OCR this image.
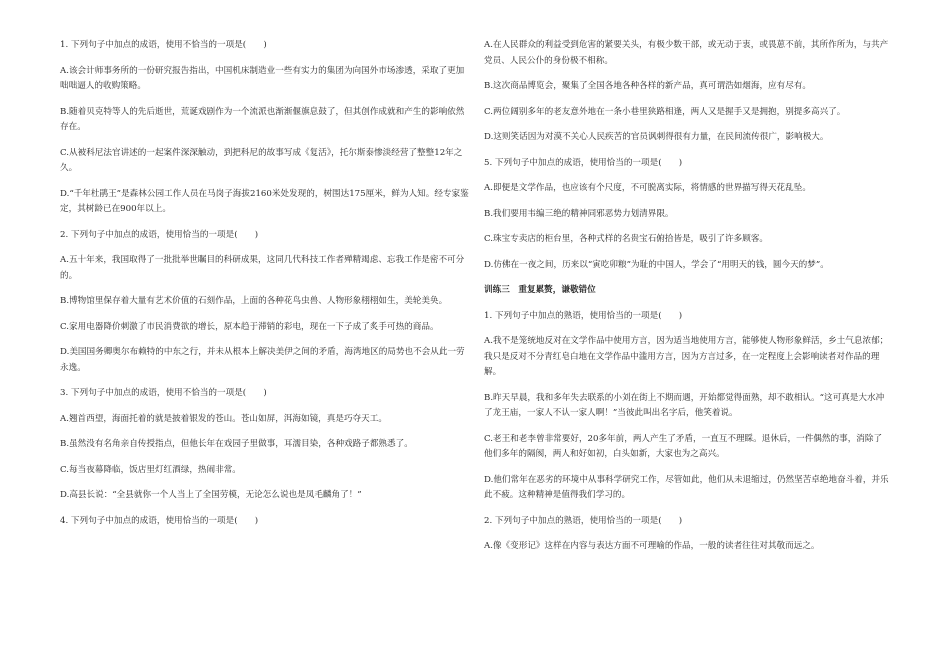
1. 下列句子中加点的成语，使用不恰当的一项是(　　)

A.该会计师事务所的一份研究报告指出，中国机床制造业一些有实力的集团为向国外市场渗透，采取了更加咄咄逼人的收购策略。

B.随着贝克特等人的先后逝世，荒诞戏剧作为一个流派也渐渐偃旗息鼓了，但其创作成就和产生的影响依然存在。

C.从被科尼法官讲述的一起案件深深触动，到把科尼的故事写成《复活》，托尔斯泰惨淡经营了整整12年之久。

D.“千年杜鹃王”是森林公园工作人员在马岗子海拔2160米处发现的，树围达175厘米，鲜为人知。经专家鉴定，其树龄已在900年以上。

2. 下列句子中加点的成语，使用恰当的一项是(　　)

A.五十年来，我国取得了一批批举世瞩目的科研成果，这同几代科技工作者殚精竭虑、忘我工作是密不可分的。

B.博物馆里保存着大量有艺术价值的石刻作品，上面的各种花鸟虫兽、人物形象栩栩如生，美轮美奂。

C.家用电器降价刺激了市民消费欲的增长，原本趋于滞销的彩电，现在一下子成了炙手可热的商品。

D.美国国务卿奥尔布赖特的中东之行，并未从根本上解决美伊之间的矛盾，海湾地区的局势也不会从此一劳永逸。

3. 下列句子中加点的成语，使用不恰当的一项是(　　)

A.翘首西望，海面托着的就是披着银发的苍山。苍山如屏，洱海如镜，真是巧夺天工。

B.虽然没有名角亲自传授指点，但他长年在戏园子里做事，耳濡目染，各种戏路子都熟悉了。

C.每当夜幕降临，饭店里灯红酒绿，热闹非常。

D.高县长说：“全县就你一个人当上了全国劳模，无论怎么说也是凤毛麟角了！”

4. 下列句子中加点的成语，使用恰当的一项是(　　)

A.在人民群众的利益受到危害的紧要关头，有极少数干部，或无动于衷，或畏葸不前，其所作所为，与共产党员、人民公仆的身份极不相称。

B.这次商品博览会，聚集了全国各地各种各样的新产品，真可谓浩如烟海，应有尽有。

C.两位阔别多年的老友意外地在一条小巷里狭路相逢，两人又是握手又是拥抱，别提多高兴了。

D.这则笑话因为对漠不关心人民疾苦的官员讽刺得很有力量，在民间流传很广，影响极大。

5. 下列句子中加点的成语，使用恰当的一项是(　　)

A.即便是文学作品，也应该有个尺度，不可脱离实际，将情感的世界描写得天花乱坠。

B.我们要用韦编三绝的精神同邪恶势力划清界限。

C.珠宝专卖店的柜台里，各种式样的名贵宝石俯拾皆是，吸引了许多顾客。

D.仿佛在一夜之间，历来以“寅吃卯粮”为耻的中国人，学会了“用明天的钱，圆今天的梦”。

训练三　重复累赘，谦敬错位

1. 下列句子中加点的熟语，使用恰当的一项是(　　)

A.我不是笼统地反对在文学作品中使用方言，因为适当地使用方言，能够使人物形象鲜活，乡土气息浓郁；我只是反对不分青红皂白地在文学作品中滥用方言，因为方言过多，在一定程度上会影响读者对作品的理解。

B.昨天早晨，我和多年失去联系的小刘在街上不期而遇，开始都觉得面熟，却不敢相认。“这可真是大水冲了龙王庙，一家人不认一家人啊！”当彼此叫出名字后，他笑着说。

C.老王和老李曾非常要好，20多年前，两人产生了矛盾，一直互不理睬。退休后，一件偶然的事，消除了他们多年的隔阂，两人和好如初，白头如新，大家也为之高兴。

D.他们常年在恶劣的环境中从事科学研究工作，尽管如此，他们从未退缩过，仍然坚苦卓绝地奋斗着，并乐此不疲。这种精神是值得我们学习的。

2. 下列句子中加点的熟语，使用恰当的一项是(　　)

A.像《变形记》这样在内容与表达方面不可理喻的作品，一般的读者往往对其敬而远之。
